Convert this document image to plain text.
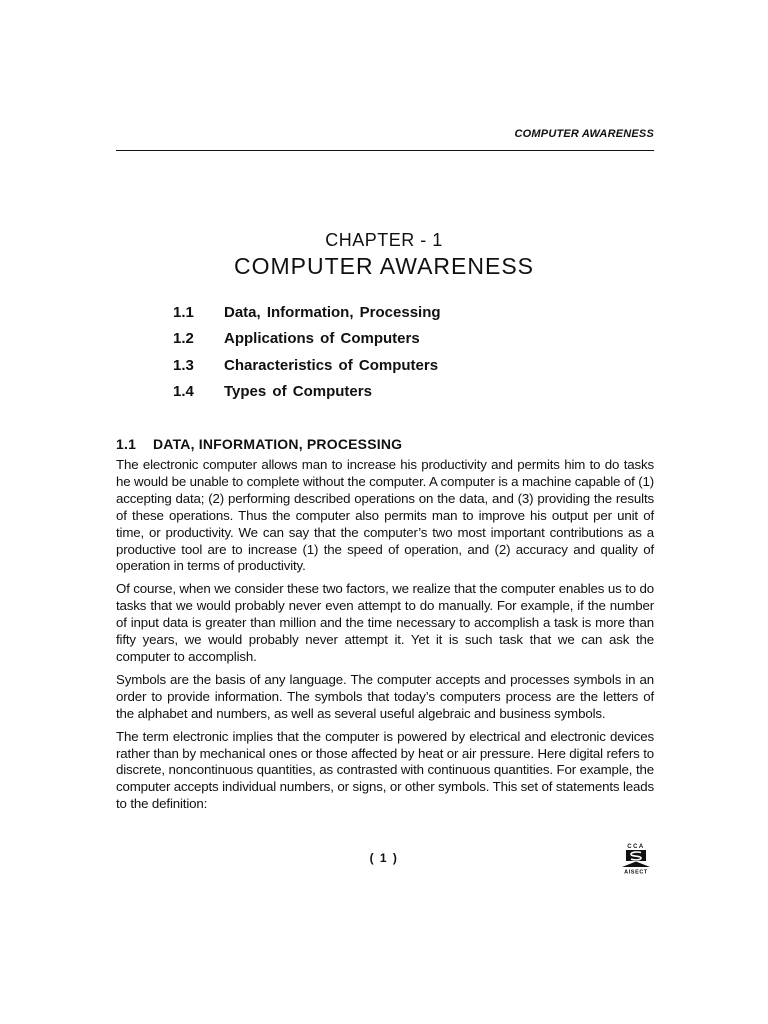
COMPUTER AWARENESS
CHAPTER - 1
COMPUTER AWARENESS
1.1	Data, Information, Processing
1.2	Applications of Computers
1.3	Characteristics of Computers
1.4	Types of Computers
1.1 DATA, INFORMATION, PROCESSING

The electronic computer allows man to increase his productivity and permits him to do tasks he would be unable to complete without the computer. A computer is a machine capable of (1) accepting data; (2) performing described operations on the data, and (3) providing the results of these operations. Thus the computer also permits man to improve his output per unit of time, or productivity. We can say that the computer’s two most important contributions as a productive tool are to increase (1) the speed of operation, and (2) accuracy and quality of operation in terms of productivity.

Of course, when we consider these two factors, we realize that the computer enables us to do tasks that we would probably never even attempt to do manually. For example, if the number of input data is greater than million and the time necessary to accomplish a task is more than fifty years, we would probably never attempt it. Yet it is such task that we can ask the computer to accomplish.

Symbols are the basis of any language. The computer accepts and processes symbols in an order to provide information. The symbols that today’s computers process are the letters of the alphabet and numbers, as well as several useful algebraic and business symbols.

The term electronic implies that the computer is powered by electrical and electronic devices rather than by mechanical ones or those affected by heat or air pressure. Here digital refers to discrete, noncontinuous quantities, as contrasted with continuous quantities. For example, the computer accepts individual numbers, or signs, or other symbols. This set of statements leads to the definition:

( 1 )
CCA
AISECT
